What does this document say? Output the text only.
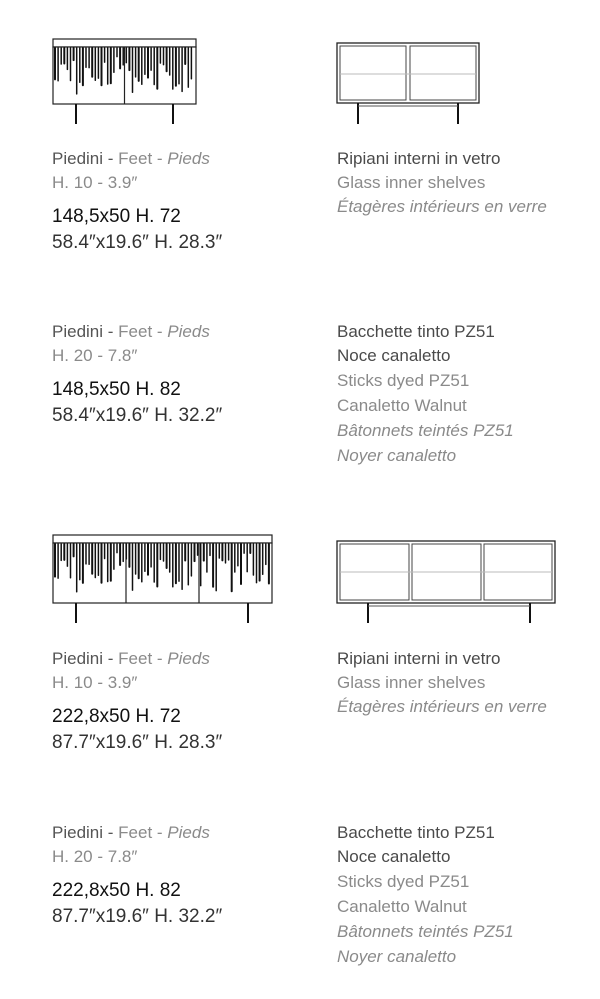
Piedini - Feet - Pieds
H. 10 - 3.9″
148,5x50 H. 72
58.4″x19.6″ H. 28.3″
Ripiani interni in vetro
Glass inner shelves
Étagères intérieurs en verre
Piedini - Feet - Pieds
H. 20 - 7.8″
148,5x50 H. 82
58.4″x19.6″ H. 32.2″
Bacchette tinto PZ51
Noce canaletto
Sticks dyed PZ51
Canaletto Walnut
Bâtonnets teintés PZ51
Noyer canaletto
Piedini - Feet - Pieds
H. 10 - 3.9″
222,8x50 H. 72
87.7″x19.6″ H. 28.3″
Ripiani interni in vetro
Glass inner shelves
Étagères intérieurs en verre
Piedini - Feet - Pieds
H. 20 - 7.8″
222,8x50 H. 82
87.7″x19.6″ H. 32.2″
Bacchette tinto PZ51
Noce canaletto
Sticks dyed PZ51
Canaletto Walnut
Bâtonnets teintés PZ51
Noyer canaletto
